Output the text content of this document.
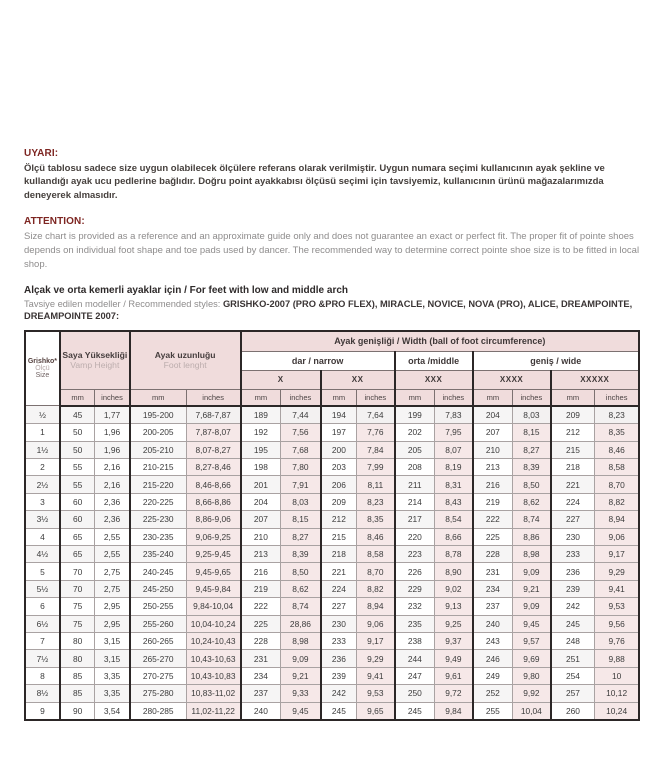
UYARI:

Ölçü tablosu sadece size uygun olabilecek ölçülere referans olarak verilmiştir. Uygun numara seçimi kullanıcının ayak şekline ve kullandığı ayak ucu pedlerine bağlıdır. Doğru point ayakkabısı ölçüsü seçimi için tavsiyemiz, kullanıcının ürünü mağazalarımızda deneyerek almasıdır.

ATTENTION:

Size chart is provided as a reference and an approximate guide only and does not guarantee an exact or perfect fit. The proper fit of pointe shoes depends on individual foot shape and toe pads used by dancer. The recommended way to determine correct pointe shoe size is to be fitted in local shop.

Alçak ve orta kemerli ayaklar için / For feet with low and middle arch

Tavsiye edilen modeller / Recommended styles: GRISHKO-2007 (PRO &PRO FLEX), MIRACLE, NOVICE, NOVA (PRO), ALICE, DREAMPOINTE, DREAMPOINTE 2007:

Grishko*
Ölçü
Size

Saya Yüksekliği
Vamp Height

Ayak uzunluğu
Foot lenght
	Ayak genişliği / Width (ball of foot circumference)
					dar / narrow				orta /middle		geniş / wide			
					X		XX		XXX		XXXX		XXXXX	
	mm	inches	mm	inches	mm	inches	mm	inches	mm	inches	mm	inches	mm	inches
½	45	1,77	195-200	7,68-7,87	189	7,44	194	7,64	199	7,83	204	8,03	209	8,23
1	50	1,96	200-205	7,87-8,07	192	7,56	197	7,76	202	7,95	207	8,15	212	8,35
1½	50	1,96	205-210	8,07-8,27	195	7,68	200	7,84	205	8,07	210	8,27	215	8,46
2	55	2,16	210-215	8,27-8,46	198	7,80	203	7,99	208	8,19	213	8,39	218	8,58
2½	55	2,16	215-220	8,46-8,66	201	7,91	206	8,11	211	8,31	216	8,50	221	8,70
3	60	2,36	220-225	8,66-8,86	204	8,03	209	8,23	214	8,43	219	8,62	224	8,82
3½	60	2,36	225-230	8,86-9,06	207	8,15	212	8,35	217	8,54	222	8,74	227	8,94
4	65	2,55	230-235	9,06-9,25	210	8,27	215	8,46	220	8,66	225	8,86	230	9,06
4½	65	2,55	235-240	9,25-9,45	213	8,39	218	8,58	223	8,78	228	8,98	233	9,17
5	70	2,75	240-245	9,45-9,65	216	8,50	221	8,70	226	8,90	231	9,09	236	9,29
5½	70	2,75	245-250	9,45-9,84	219	8,62	224	8,82	229	9,02	234	9,21	239	9,41
6	75	2,95	250-255	9,84-10,04	222	8,74	227	8,94	232	9,13	237	9,09	242	9,53
6½	75	2,95	255-260	10,04-10,24	225	28,86	230	9,06	235	9,25	240	9,45	245	9,56
7	80	3,15	260-265	10,24-10,43	228	8,98	233	9,17	238	9,37	243	9,57	248	9,76
7½	80	3,15	265-270	10,43-10,63	231	9,09	236	9,29	244	9,49	246	9,69	251	9,88
8	85	3,35	270-275	10,43-10,83	234	9,21	239	9,41	247	9,61	249	9,80	254	10
8½	85	3,35	275-280	10,83-11,02	237	9,33	242	9,53	250	9,72	252	9,92	257	10,12
9	90	3,54	280-285	11,02-11,22	240	9,45	245	9,65	245	9,84	255	10,04	260	10,24
